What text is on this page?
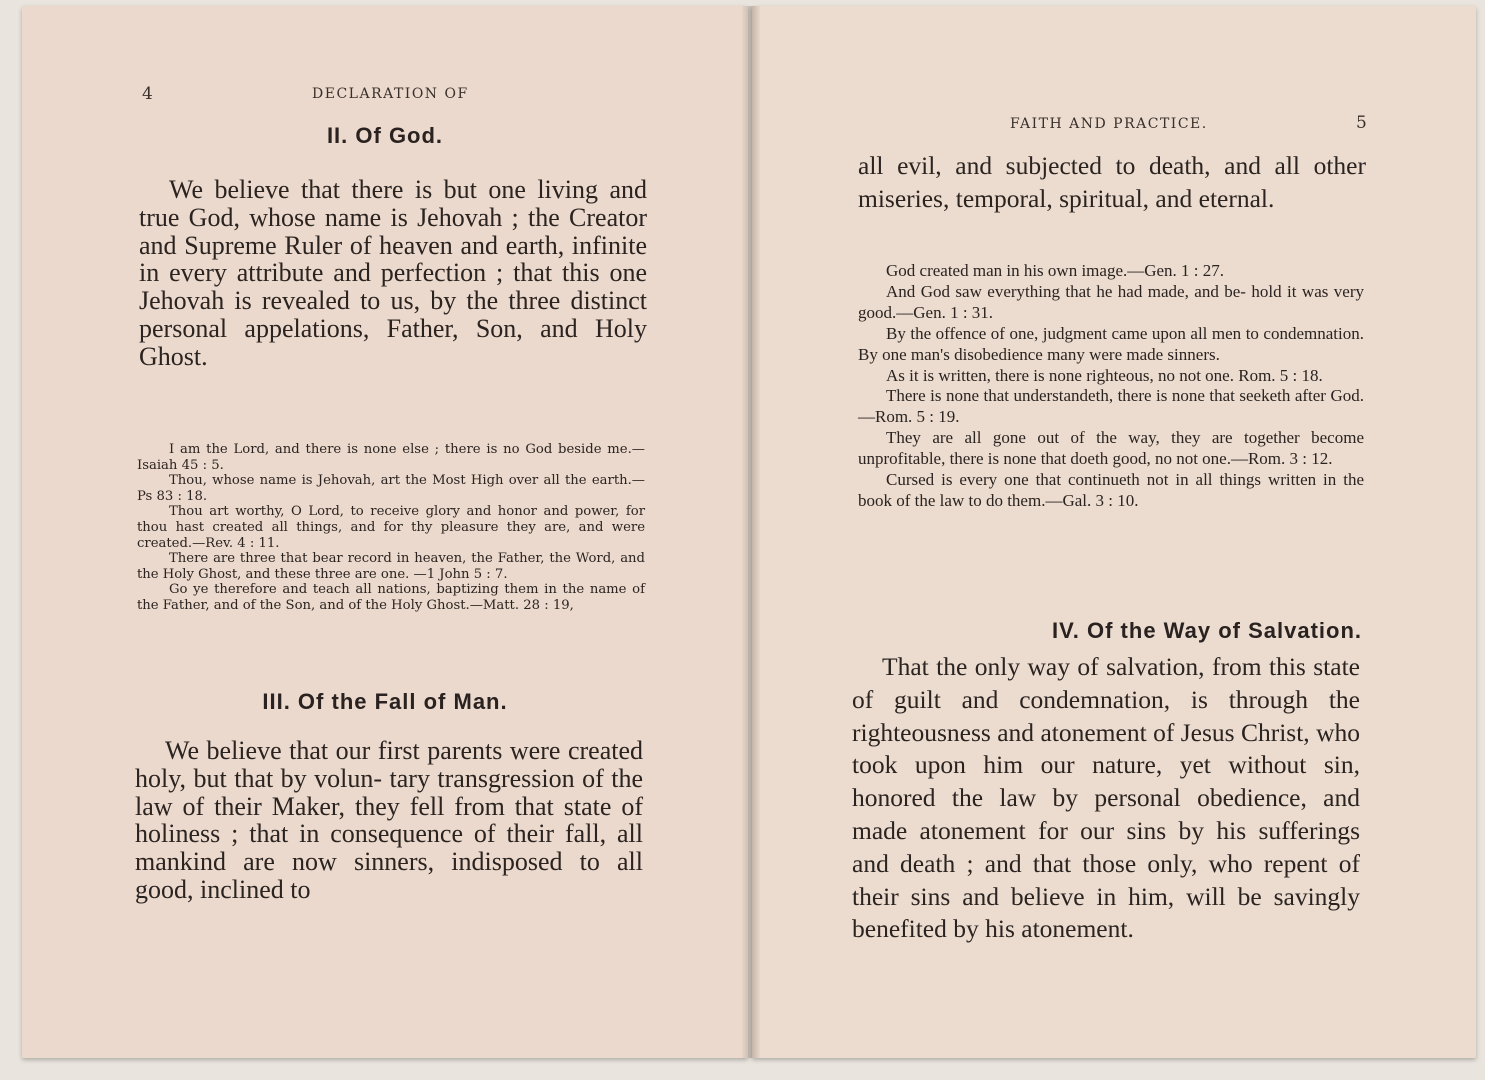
4	DECLARATION OF
II. Of God.
We believe that there is but one living and true God, whose name is Jehovah ; the Creator and Supreme Ruler of heaven and earth, infinite in every attribute and perfection ; that this one Jehovah is revealed to us, by the three distinct personal appelations, Father, Son, and Holy Ghost.
I am the Lord, and there is none else ; there is no God beside me.—Isaiah 45 : 5.
Thou, whose name is Jehovah, art the Most High over all the earth.—Ps 83 : 18.
Thou art worthy, O Lord, to receive glory and honor and power, for thou hast created all things, and for thy pleasure they are, and were created.—Rev. 4 : 11.
There are three that bear record in heaven, the Father, the Word, and the Holy Ghost, and these three are one. —1 John 5 : 7.
Go ye therefore and teach all nations, baptizing them in the name of the Father, and of the Son, and of the Holy Ghost.—Matt. 28 : 19,
III. Of the Fall of Man.
We believe that our first parents were created holy, but that by volun- tary transgression of the law of their Maker, they fell from that state of holiness ; that in consequence of their fall, all mankind are now sinners, indisposed to all good, inclined to
FAITH AND PRACTICE.	5
all evil, and subjected to death, and all other miseries, temporal, spiritual, and eternal.
God created man in his own image.—Gen. 1 : 27.
And God saw everything that he had made, and be- hold it was very good.—Gen. 1 : 31.
By the offence of one, judgment came upon all men to condemnation. By one man's disobedience many were made sinners.
As it is written, there is none righteous, no not one. Rom. 5 : 18.
There is none that understandeth, there is none that seeketh after God.—Rom. 5 : 19.
They are all gone out of the way, they are together become unprofitable, there is none that doeth good, no not one.—Rom. 3 : 12.
Cursed is every one that continueth not in all things written in the book of the law to do them.—Gal. 3 : 10.
IV. Of the Way of Salvation.
That the only way of salvation, from this state of guilt and condemnation, is through the righteousness and atonement of Jesus Christ, who took upon him our nature, yet without sin, honored the law by personal obedience, and made atonement for our sins by his sufferings and death ; and that those only, who repent of their sins and believe in him, will be savingly benefited by his atonement.
